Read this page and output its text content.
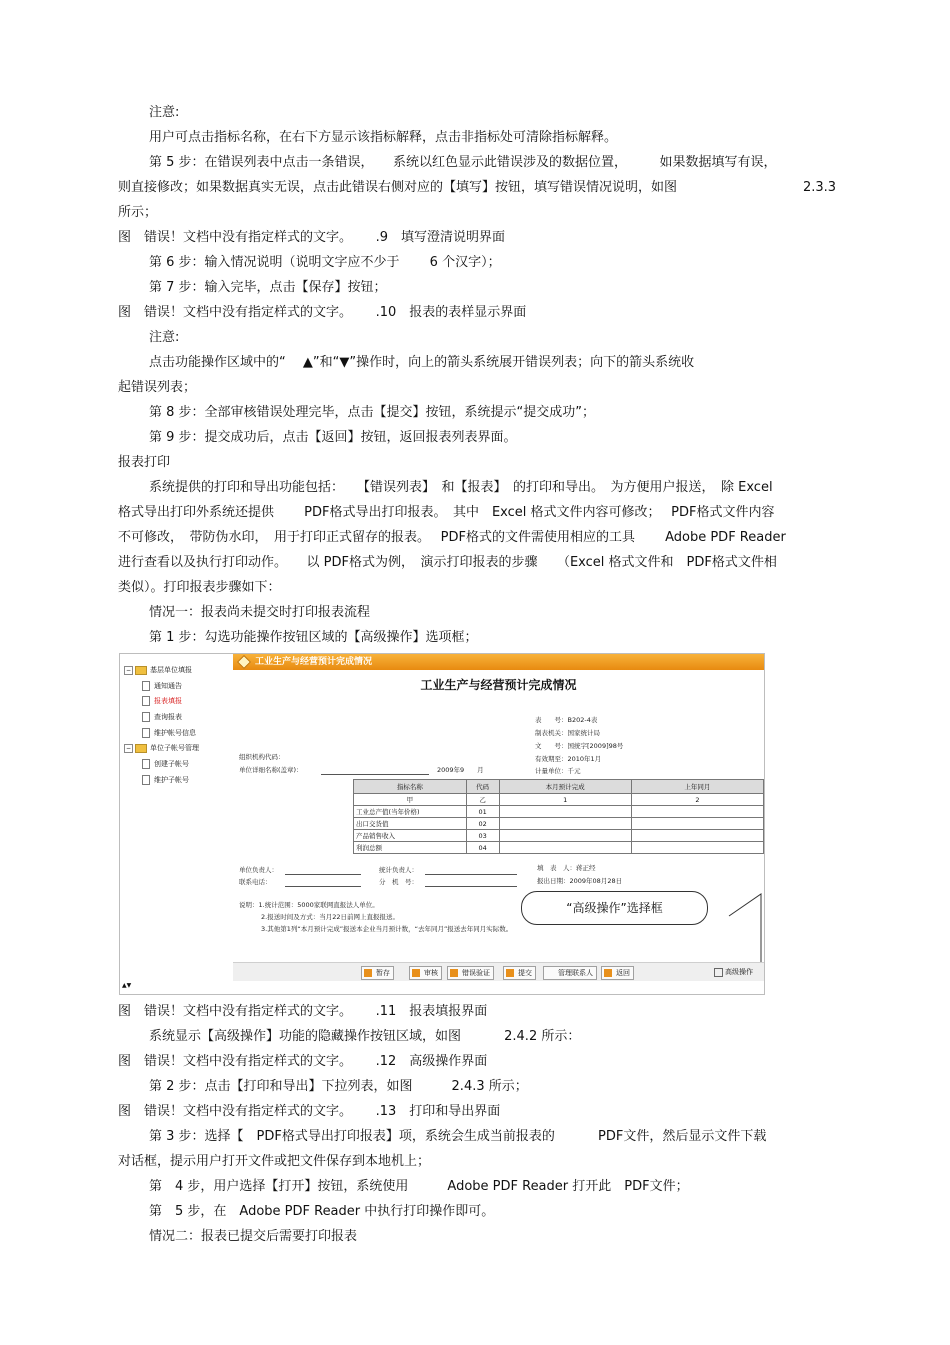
注意:
用户可点击指标名称，在右下方显示该指标解释，点击非指标处可清除指标解释。
第 5 步：在错误列表中点击一条错误，　　系统以红色显示此错误涉及的数据位置，　　　如果数据填写有误，
则直接修改；如果数据真实无误，点击此错误右侧对应的【填写】按钮，填写错误情况说明，如图	2.3.3
所示；
图　错误！文档中没有指定样式的文字。　　 .9　填写澄清说明界面
第 6 步：输入情况说明（说明文字应不少于　　 6 个汉字）；
第 7 步：输入完毕，点击【保存】按钮；
图　错误！文档中没有指定样式的文字。　　 .10　报表的表样显示界面
注意:
点击功能操作区域中的“　 ▲”和“▼”操作时，向上的箭头系统展开错误列表；向下的箭头系统收
起错误列表；
第 8 步：全部审核错误处理完毕，点击【提交】按钮，系统提示“提交成功”；
第 9 步：提交成功后，点击【返回】按钮，返回报表列表界面。
报表打印
系统提供的打印和导出功能包括：　　【错误列表】　和【报表】　的打印和导出。　为方便用户报送，　除 Excel
格式导出打印外系统还提供　　 PDF格式导出打印报表。　其中　Excel 格式文件内容可修改；　 PDF格式文件内容
不可修改，　带防伪水印，　用于打印正式留存的报表。　 PDF格式的文件需使用相应的工具　　 Adobe PDF Reader
进行查看以及执行打印动作。　　以 PDF格式为例，　演示打印报表的步骤　　（Excel 格式文件和　PDF格式文件相
类似）。打印报表步骤如下：
情况一：报表尚未提交时打印报表流程
第 1 步：勾选功能操作按钮区域的【高级操作】选项框；
−	基层单位填报
通知通告
报表填报
查询报表
维护帐号信息
−	单位子帐号管理
创建子帐号
维护子帐号
工业生产与经营预计完成情况
工业生产与经营预计完成情况
表　　号：B202-4表
制表机关：国家统计局
文　　号：国统字[2009]98号
有效期至：2010年1月
计量单位：千元
组织机构代码：
单位详细名称(盖章)：	2009年9　　月
指标名称	代码	本月预计完成	上年同月
甲	乙	1	2
工业总产值(当年价格)	01		
出口交货值	02		
产品销售收入	03		
利润总额	04		
单位负责人：	统计负责人：	填　表　人：蒋正经
联系电话：	分　机　号：	报出日期：2009年08月28日
说明：1.统计范围：5000家联网直报法人单位。
2.报送时间及方式：当月22日前网上直报报送。
3.其他第1列“本月预计完成”报送本企业当月预计数，“去年同月”报送去年同月实际数。
“高级操作”选择框
暂存	审核	错误验证	提交	管理联系人	返回	高级操作
▲▼
图　错误！文档中没有指定样式的文字。　　 .11　报表填报界面
系统显示【高级操作】功能的隐藏操作按钮区域，如图　　　 2.4.2 所示：
图　错误！文档中没有指定样式的文字。　　 .12　高级操作界面
第 2 步：点击【打印和导出】下拉列表，如图　　　2.4.3 所示；
图　错误！文档中没有指定样式的文字。　　 .13　打印和导出界面
第 3 步：选择【　PDF格式导出打印报表】项，系统会生成当前报表的　　　 PDF文件，然后显示文件下载
对话框，提示用户打开文件或把文件保存到本地机上；
第　4 步，用户选择【打开】按钮，系统使用　　　Adobe PDF Reader 打开此　PDF文件；
第　5 步，在　Adobe PDF Reader 中执行打印操作即可。
情况二：报表已提交后需要打印报表
